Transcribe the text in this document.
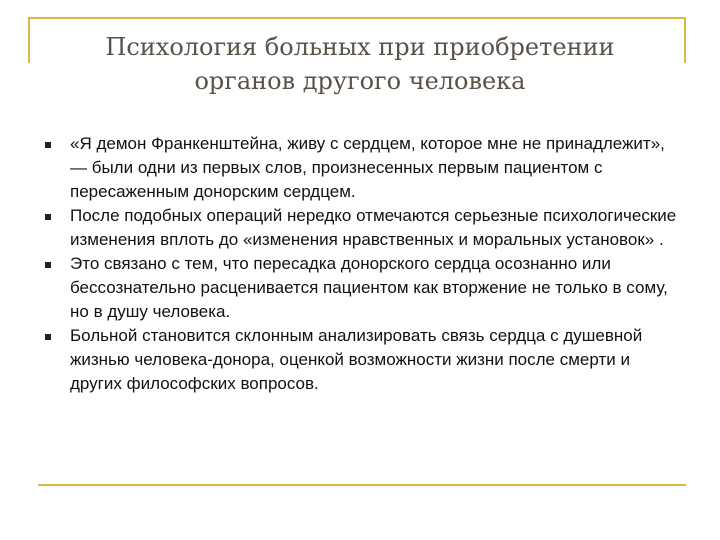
Психология больных при приобретении
органов другого человека
«Я демон Франкенштейна, живу с сердцем, которое мне не принадлежит», — были одни из первых слов, произнесенных первым пациентом с пересаженным донорским сердцем.
После подобных операций нередко отмечаются серьезные психологические изменения вплоть до «изменения нравственных и моральных установок» .
Это связано с тем, что пересадка донорского сердца осознанно или бессознательно расценивается пациентом как вторжение не только в сому, но в душу человека.
Больной становится склонным анализировать связь сердца с душевной жизнью человека-донора, оценкой возможности жизни после смерти и других философских вопросов.
